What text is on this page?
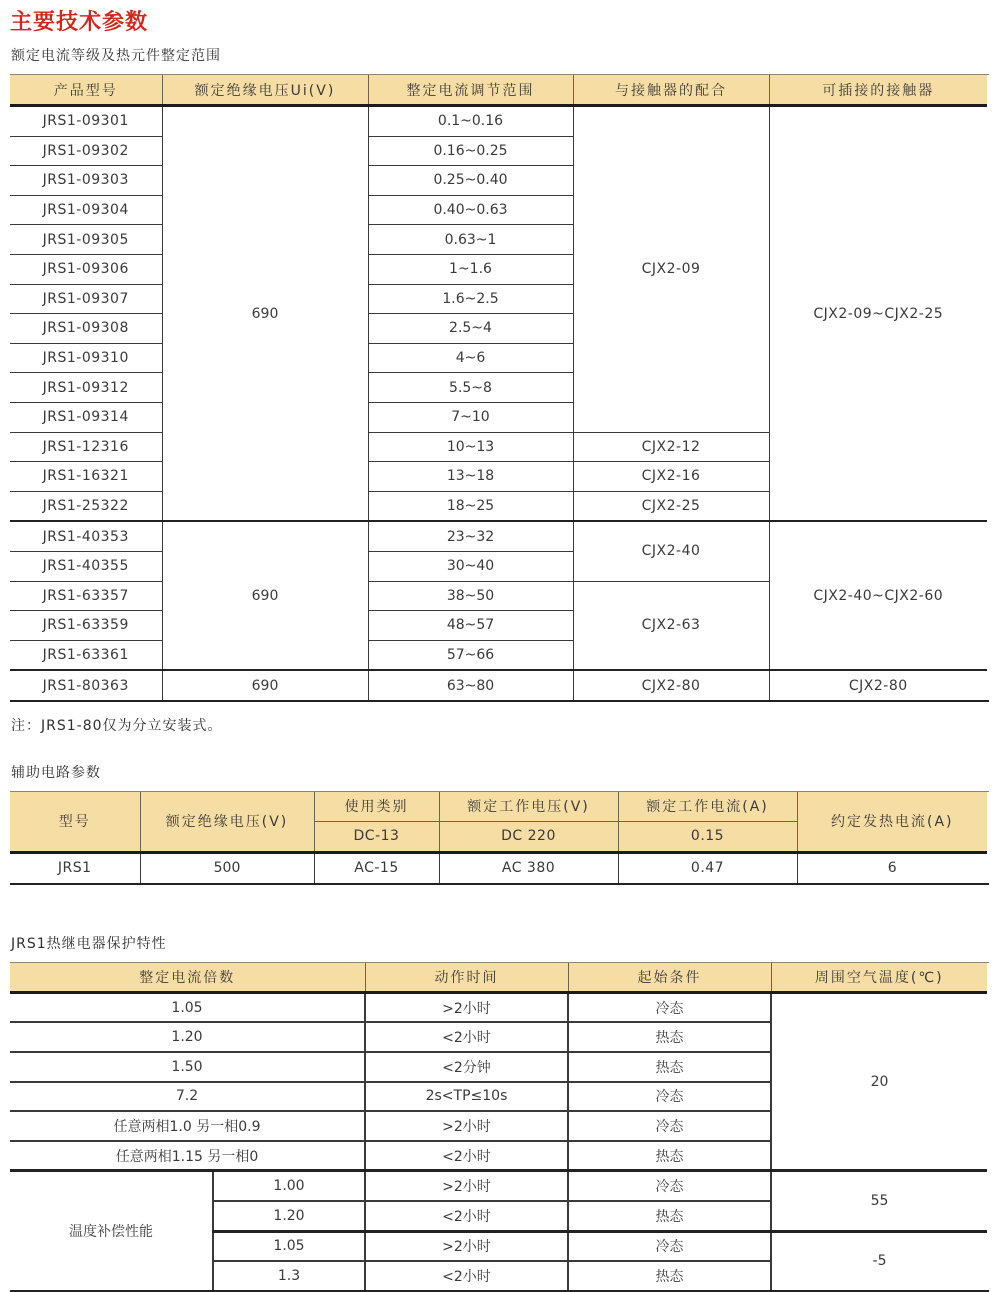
主要技术参数
额定电流等级及热元件整定范围
产品型号	额定绝缘电压Ui(V)	整定电流调节范围	与接触器的配合	可插接的接触器
JRS1-09301	690	0.1~0.16	CJX2-09	CJX2-09~CJX2-25
JRS1-09302		0.16~0.25		
JRS1-09303		0.25~0.40		
JRS1-09304		0.40~0.63		
JRS1-09305		0.63~1		
JRS1-09306		1~1.6		
JRS1-09307		1.6~2.5		
JRS1-09308		2.5~4		
JRS1-09310		4~6		
JRS1-09312		5.5~8		
JRS1-09314		7~10		
JRS1-12316		10~13	CJX2-12	
JRS1-16321		13~18	CJX2-16	
JRS1-25322		18~25	CJX2-25	
JRS1-40353	690	23~32	CJX2-40	CJX2-40~CJX2-60
JRS1-40355		30~40		
JRS1-63357		38~50	CJX2-63	
JRS1-63359		48~57		
JRS1-63361		57~66		
JRS1-80363	690	63~80	CJX2-80	CJX2-80
注：JRS1-80仅为分立安装式。
辅助电路参数
型号	额定绝缘电压(V)	使用类别	额定工作电压(V)	额定工作电流(A)	约定发热电流(A)
		DC-13	DC 220	0.15	
JRS1	500	AC-15	AC 380	0.47	6
JRS1热继电器保护特性
整定电流倍数		动作时间	起始条件	周围空气温度(℃)
1.05		>2小时	冷态	20
1.20		<2小时	热态	
1.50		<2分钟	热态	
7.2		2s<TP≤10s	冷态	
任意两相1.0 另一相0.9		>2小时	冷态	
任意两相1.15 另一相0		<2小时	热态	
温度补偿性能	1.00	>2小时	冷态	55
	1.20	<2小时	热态	
	1.05	>2小时	冷态	-5
	1.3	<2小时	热态	
